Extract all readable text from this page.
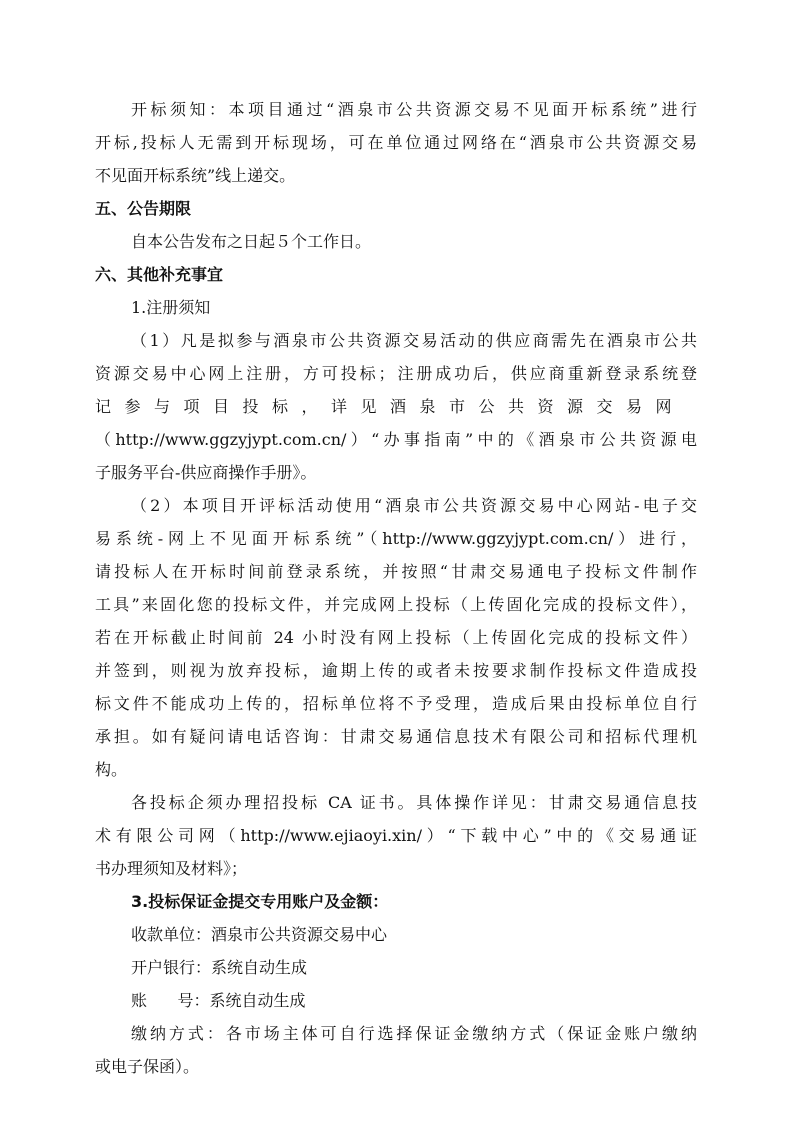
开标须知：本项目通过“酒泉市公共资源交易不见面开标系统”进行
开标,投标人无需到开标现场，可在单位通过网络在“酒泉市公共资源交易
不见面开标系统”线上递交。
五、公告期限
自本公告发布之日起５个工作日。
六、其他补充事宜
1.注册须知
（1）凡是拟参与酒泉市公共资源交易活动的供应商需先在酒泉市公共
资源交易中心网上注册，方可投标；注册成功后，供应商重新登录系统登
记参与项目投标，详见酒泉市公共资源交易网
（http://www.ggzyjypt.com.cn/）“办事指南”中的《酒泉市公共资源电
子服务平台-供应商操作手册》。
（2）本项目开评标活动使用“酒泉市公共资源交易中心网站-电子交
易系统-网上不见面开标系统”（http://www.ggzyjypt.com.cn/）进行，
请投标人在开标时间前登录系统，并按照“甘肃交易通电子投标文件制作
工具”来固化您的投标文件，并完成网上投标（上传固化完成的投标文件），
若在开标截止时间前 24 小时没有网上投标（上传固化完成的投标文件）
并签到，则视为放弃投标，逾期上传的或者未按要求制作投标文件造成投
标文件不能成功上传的，招标单位将不予受理，造成后果由投标单位自行
承担。如有疑问请电话咨询：甘肃交易通信息技术有限公司和招标代理机
构。
各投标企须办理招投标 CA 证书。具体操作详见：甘肃交易通信息技
术有限公司网（http://www.ejiaoyi.xin/）“下载中心”中的《交易通证
书办理须知及材料》；
3.投标保证金提交专用账户及金额：
收款单位：酒泉市公共资源交易中心
开户银行：系统自动生成
账      号：系统自动生成
缴纳方式：各市场主体可自行选择保证金缴纳方式（保证金账户缴纳
或电子保函）。
